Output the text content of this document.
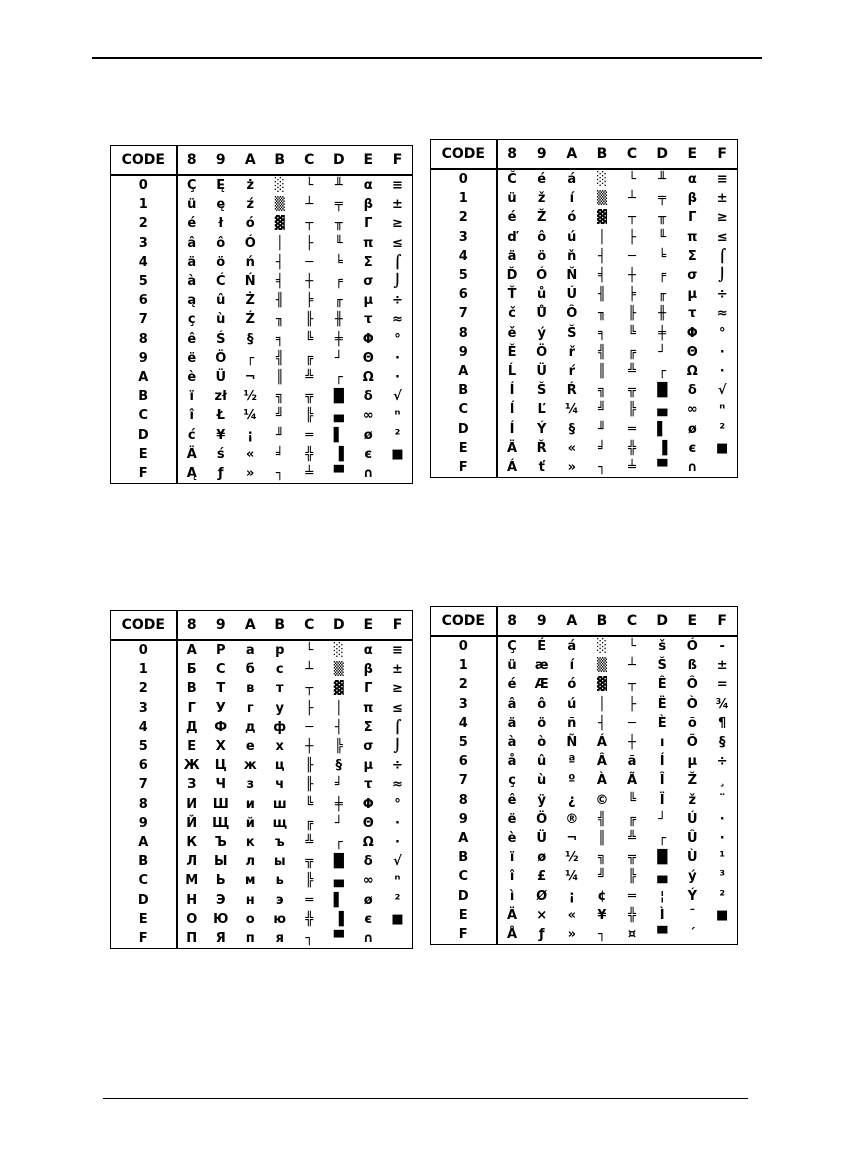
CODE	8	9	A	B	C	D	E	F
0	Ç	Ę	ż	░	└	╨	α	≡
1	ü	ę	ź	▒	┴	╤	β	±
2	é	ł	ó	▓	┬	╥	Γ	≥
3	â	ô	Ó	│	├	╙	π	≤
4	ä	ö	ń	┤	─	╘	Σ	⌠
5	à	Ć	Ń	╡	┼	╒	σ	⌡
6	ą	û	Ż	╢	╞	╓	µ	÷
7	ç	ù	Ź	╖	╟	╫	τ	≈
8	ê	Ś	§	╕	╚	╪	Φ	°
9	ë	Ö	┌	╣	╔	┘	Θ	·
A	è	Ü	¬	║	╩	┌	Ω	·
B	ï	zł	½	╗	╦	█	δ	√
C	î	Ł	¼	╝	╠	▄	∞	ⁿ
D	ć	¥	¡	╜	═	▌	ø	²
E	Ä	ś	«	╛	╬	▐	є	■
F	Ą	ƒ	»	┐	╧	▀	∩	
CODE	8	9	A	B	C	D	E	F
0	Č	é	á	░	└	╨	α	≡
1	ü	ž	í	▒	┴	╤	β	±
2	é	Ž	ó	▓	┬	╥	Γ	≥
3	ď	ô	ú	│	├	╙	π	≤
4	ä	ö	ň	┤	─	╘	Σ	⌠
5	Ď	Ó	Ň	╡	┼	╒	σ	⌡
6	Ť	ů	Ú	╢	╞	╓	µ	÷
7	č	Ů	Ô	╖	╟	╫	τ	≈
8	ě	ý	Š	╕	╚	╪	Φ	°
9	Ě	Ö	ř	╣	╔	┘	Θ	·
A	Ĺ	Ü	ŕ	║	╩	┌	Ω	·
B	Í	Š	Ŕ	╗	╦	█	δ	√
C	ĺ	Ľ	¼	╝	╠	▄	∞	ⁿ
D	Í	Ý	§	╜	═	▌	ø	²
E	Ä	Ř	«	╛	╬	▐	є	■
F	Á	ť	»	┐	╧	▀	∩	
CODE	8	9	A	B	C	D	E	F
0	А	Р	а	р	└	░	α	≡
1	Б	С	б	с	┴	▒	β	±
2	В	Т	в	т	┬	▓	Γ	≥
3	Г	У	г	у	├	│	π	≤
4	Д	Ф	д	ф	─	┤	Σ	⌠
5	Е	Х	е	х	┼	╠	σ	⌡
6	Ж	Ц	ж	ц	╟	§	µ	÷
7	З	Ч	з	ч	╟	╛	τ	≈
8	И	Ш	и	ш	╚	╪	Φ	°
9	Й	Щ	й	щ	╔	┘	Θ	·
A	К	Ъ	к	ъ	╩	┌	Ω	·
B	Л	Ы	л	ы	╦	█	δ	√
C	М	Ь	м	ь	╠	▄	∞	ⁿ
D	Н	Э	н	э	═	▌	ø	²
E	О	Ю	о	ю	╬	▐	є	■
F	П	Я	п	я	┐	▀	∩	
CODE	8	9	A	B	C	D	E	F
0	Ç	É	á	░	└	š	Ó	-
1	ü	æ	í	▒	┴	Š	ß	±
2	é	Æ	ó	▓	┬	Ê	Ô	=
3	â	ô	ú	│	├	Ë	Ò	¾
4	ä	ö	ñ	┤	─	È	õ	¶
5	à	ò	Ñ	Á	┼	ı	Õ	§
6	å	û	ª	Â	ã	Í	µ	÷
7	ç	ù	º	À	Ã	Î	Ž	¸
8	ê	ÿ	¿	©	╚	Ï	ž	¨
9	ë	Ö	®	╣	╔	┘	Ú	·
A	è	Ü	¬	║	╩	┌	Û	·
B	ï	ø	½	╗	╦	█	Ù	¹
C	î	£	¼	╝	╠	▄	ý	³
D	ì	Ø	¡	¢	═	¦	Ý	²
E	Ä	×	«	¥	╬	Ì	¯	■
F	Å	ƒ	»	┐	¤	▀	´	
